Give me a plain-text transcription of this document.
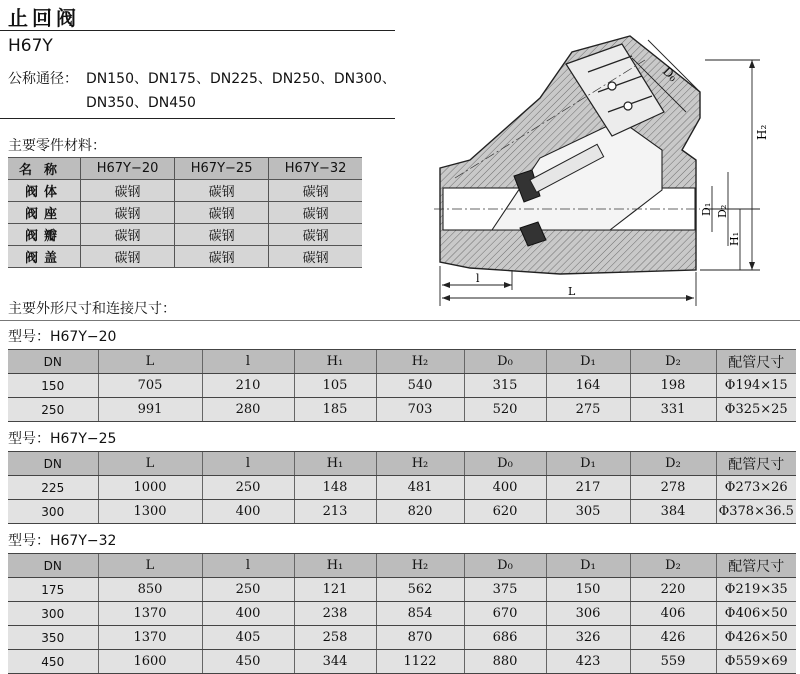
止回阀
H67Y
公称通径： DN150、DN175、DN225、DN250、DN300、
DN350、DN450
主要零件材料：
名称	H67Y−20	H67Y−25	H67Y−32
阀体	碳钢	碳钢	碳钢
阀座	碳钢	碳钢	碳钢
阀瓣	碳钢	碳钢	碳钢
阀盖	碳钢	碳钢	碳钢
D₀
H₂
D₁ D₂
H₁
l
L
主要外形尺寸和连接尺寸：
型号：H67Y−20
DN	L	l	H₁	H₂	D₀	D₁	D₂	配管尺寸
150	705	210	105	540	315	164	198	Φ194×15
250	991	280	185	703	520	275	331	Φ325×25
型号：H67Y−25
DN	L	l	H₁	H₂	D₀	D₁	D₂	配管尺寸
225	1000	250	148	481	400	217	278	Φ273×26
300	1300	400	213	820	620	305	384	Φ378×36.5
型号：H67Y−32
DN	L	l	H₁	H₂	D₀	D₁	D₂	配管尺寸
175	850	250	121	562	375	150	220	Φ219×35
300	1370	400	238	854	670	306	406	Φ406×50
350	1370	405	258	870	686	326	426	Φ426×50
450	1600	450	344	1122	880	423	559	Φ559×69
